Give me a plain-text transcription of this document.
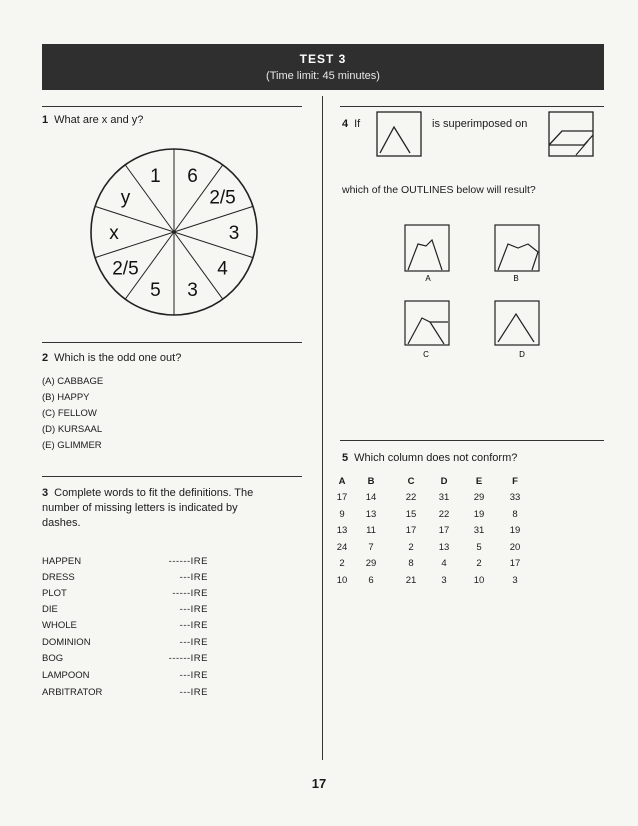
TEST 3
(Time limit: 45 minutes)
1 What are x and y?
6
2/5
3
4
3
5
2/5
x
y
1
2 Which is the odd one out?
(A) CABBAGE
(B) HAPPY
(C) FELLOW
(D) KURSAAL
(E) GLIMMER
3 Complete words to fit the definitions. The
number of missing letters is indicated by
dashes.
HAPPEN	------IRE
DRESS	---IRE
PLOT	-----IRE
DIE	---IRE
WHOLE	---IRE
DOMINION	---IRE
BOG	------IRE
LAMPOON	---IRE
ARBITRATOR	---IRE
4 If	is superimposed on
which of the OUTLINES below will result?
A	B
C	D
5 Which column does not conform?
A	B	C	D	E	F
17	14	22	31	29	33
9	13	15	22	19	8
13	11	17	17	31	19
24	7	2	13	5	20
2	29	8	4	2	17
10	6	21	3	10	3
17
